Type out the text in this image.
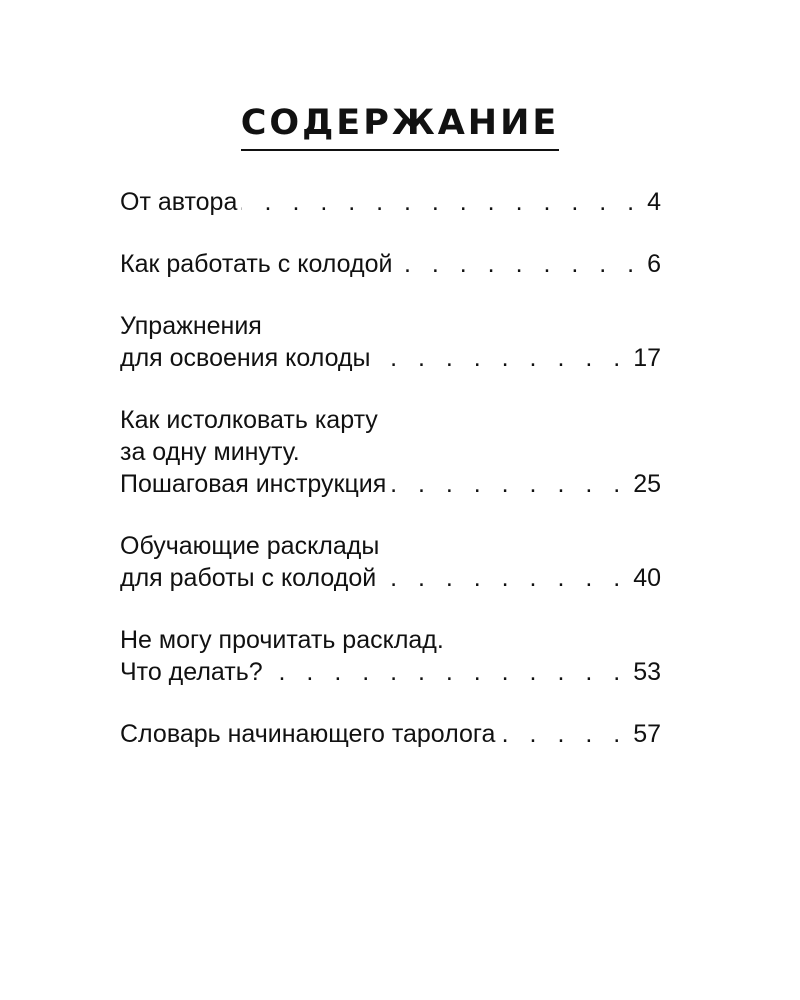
СОДЕРЖАНИЕ
От автора . . .	4
Как работать с колодой . . .	6
Упражнения
для освоения колоды . . .	17
Как истолковать карту
за одну минуту.
Пошаговая инструкция . . .	25
Обучающие расклады
для работы с колодой . . .	40
Не могу прочитать расклад.
Что делать? . . .	53
Словарь начинающего таролога . . .	57
